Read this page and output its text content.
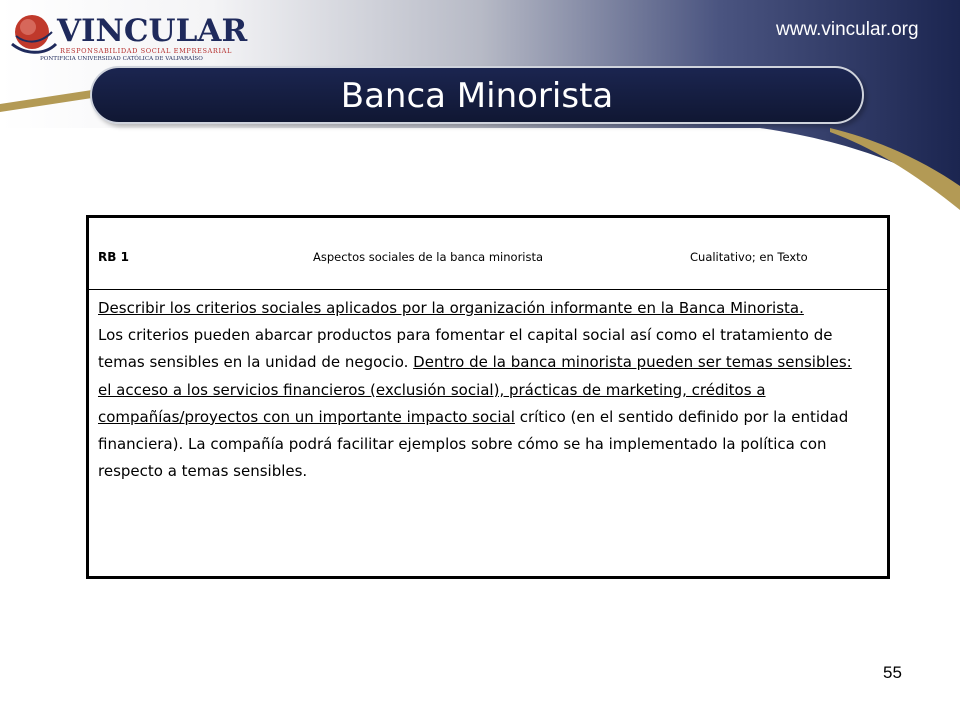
VINCULAR
RESPONSABILIDAD SOCIAL EMPRESARIAL
PONTIFICIA UNIVERSIDAD CATÓLICA DE VALPARAÍSO
www.vincular.org
Banca Minorista
RB 1	Aspectos sociales de la banca minorista	Cualitativo; en Texto

Describir los criterios sociales aplicados por la organización informante en la Banca Minorista.

Los criterios pueden abarcar productos para fomentar el capital social así como el tratamiento de temas sensibles en la unidad de negocio. Dentro de la banca minorista pueden ser temas sensibles: el acceso a los servicios financieros (exclusión social), prácticas de marketing, créditos a compañías/proyectos con un importante impacto social crítico (en el sentido definido por la entidad financiera). La compañía podrá facilitar ejemplos sobre cómo se ha implementado la política con respecto a temas sensibles.

55
